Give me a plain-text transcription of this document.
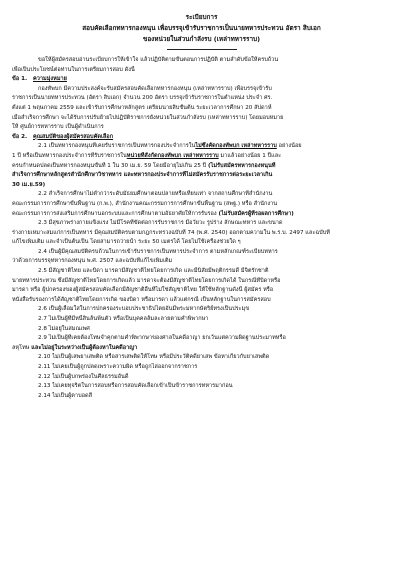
ระเบียบการ
สอบคัดเลือกทหารกองหนุน เพื่อบรรจุเข้ารับราชการเป็นนายทหารประทวน อัตรา สิบเอก
ของหน่วยในส่วนกำลังรบ (เหล่าทหารราบ)

ขอให้ผู้สมัครสอบอ่านระเบียบการให้เข้าใจ แล้วปฏิบัติตามขั้นตอนการปฏิบัติ ตามลำดับข้อให้ครบถ้วน

เพื่อเป็นประโยชน์ต่อท่านในการเตรียมการสอบ ดังนี้

ข้อ 1. ความมุ่งหมาย

กองทัพบก มีความประสงค์จะรับสมัครสอบคัดเลือกทหารกองหนุน (เหล่าทหารราบ) เพื่อบรรจุเข้ารับ

ราชการเป็นนายทหารประทวน (อัตรา สิบเอก) จำนวน 200 อัตรา บรรจุเข้ารับราชการในตำแหน่ง ประจำ ศร.

ตั้งแต่ 1 พฤษภาคม 2559 และเข้ารับการศึกษาหลักสูตร เตรียมนายสิบชั้นต้น ระยะเวลาการศึกษา 20 สัปดาห์

เมื่อสำเร็จการศึกษา จะได้รับการปรับย้ายไปปฏิบัติราชการยังหน่วยในส่วนกำลังรบ (เหล่าทหารราบ) โดยมอบหมาย

ให้ ศูนย์การทหารราบ เป็นผู้ดำเนินการ

ข้อ 2. คุณสมบัติของผู้สมัครสอบคัดเลือก

2.1 เป็นทหารกองหนุนที่เคยรับราชการเป็นทหารกองประจำการในไม่ซึ่งคัดกองทัพบก เหล่าทหารราบ อย่างน้อย

1 ปี หรือเป็นทหารกองประจำการที่รับราชการในหน่วยที่สังกัดกองทัพบก เหล่าทหารราบ มาแล้วอย่างน้อย 1 ปีและ

ครบกำหนดปลดเป็นทหารกองหนุนขั้นที่ 1 ใน 30 เม.ย. 59 โดยมีอายุไม่เกิน 25 ปี (ไม่รับสมัครทหารกองหนุนที่

สำเร็จการศึกษาหลักสูตรสำนักศึกษาวิชาทหาร และทหารกองประจำการที่ไม่สมัครรับราชการต่อระยะเวลาเกิน

30 เม.ย.59)

2.2 สำเร็จการศึกษาไม่ต่ำกว่าระดับมัธยมศึกษาตอนปลายหรือเทียบเท่า จากสถานศึกษาที่สำนักงาน

คณะกรรมการการศึกษาขั้นพื้นฐาน (ก.พ.), สำนักงานคณะกรรมการการศึกษาขั้นพื้นฐาน (สพฐ.) หรือ สำนักงาน

คณะกรรมการการส่งเสริมการศึกษานอกระบบและการศึกษาตามอัธยาศัยให้การรับรอง (ไม่รับสมัครผู้ที่รอผลการศึกษา)

2.3 มีสุขภาพร่างกายแข็งแรง ไม่มีโรคที่ขัดต่อการรับราชการ มีอวัยวะ รูปร่าง ลักษณะทหาร และขนาด

ร่างกายเหมาะสมแก่การเป็นทหาร มีคุณสมบัติครบตามกฎกระทรวงฉบับที่ 74 (พ.ศ. 2540) ออกตามความใน พ.ร.บ. 2497 และฉบับที่

แก้ไขเพิ่มเติม และจำเป็นต้นเป็น โดยสามารถว่ายน้ำ ระยะ 50 เมตรได้ โดยไม่ใช้เครื่องช่วยใด ๆ

2.4 เป็นผู้มีคุณสมบัติครบถ้วนในการเข้ารับราชการเป็นทหารประจำการ ตามหลักเกณฑ์ระเบียบทหาร

ว่าด้วยการบรรจุทหารกองหนุน พ.ศ. 2507 และฉบับที่แก้ไขเพิ่มเติม

2.5 มีสัญชาติไทย และบิดา มารดามีสัญชาติไทยโดยการเกิด และมีนิสัยมีพฤติกรรมดี มีจิตรักชาติ

นายทหารประทวน ซึ่งมีสัญชาติไทยโดยการเกิดแล้ว มารดาจะต้องมีสัญชาติไทยโดยการเกิดได้ ในกรณีที่บิดาหรือ

มารดา หรือ ผู้ปกครองของผู้สมัครสอบคัดเลือกมีสัญชาติอื่นที่ไม่ใช่สัญชาติไทย ให้ใช้หลักฐานดังนี้ ผู้สมัคร หรือ

หนังสือรับรองการได้สัญชาติไทยโดยการเกิด ของบิดา หรือมารดา แล้วแต่กรณี เป็นหลักฐานในการสมัครสอบ

2.6 เป็นผู้เลื่อมใสในการปกครองระบอบประชาธิปไตยอันมีพระมหากษัตริย์ทรงเป็นประมุข

2.7 ไม่เป็นผู้ที่มีหนี้สินล้นพ้นตัว หรือเป็นบุคคลล้มละลายตามคำพิพากษา

2.8 ไม่อยู่ในสมณเพศ

2.9 ไม่เป็นผู้ที่เคยต้องโทษจำคุกตามคำพิพากษาของศาลในคดีอาญา ยกเว้นแต่ความผิดฐานประมาทหรือ

ลหุโทษ และไม่อยู่ในระหว่างเป็นผู้ต้องหาในคดีอาญา

2.10 ไม่เป็นผู้เสพยาเสพติด หรือสารเสพติดให้โทษ หรือมีประวัติคดียาเสพ ข้อหาเกี่ยวกับยาเสพติด

2.11 ไม่เคยเป็นผู้ถูกปลดเพราะความผิด หรือถูกไล่ออกจากราชการ

2.12 ไม่เป็นผู้บกพร่องในศีลธรรมอันดี

2.13 ไม่เคยทุจริตในการสอบหรือการสอบคัดเลือกเข้าเป็นข้าราชการทหารมาก่อน

2.14 ไม่เป็นผู้ตาบอดสี
